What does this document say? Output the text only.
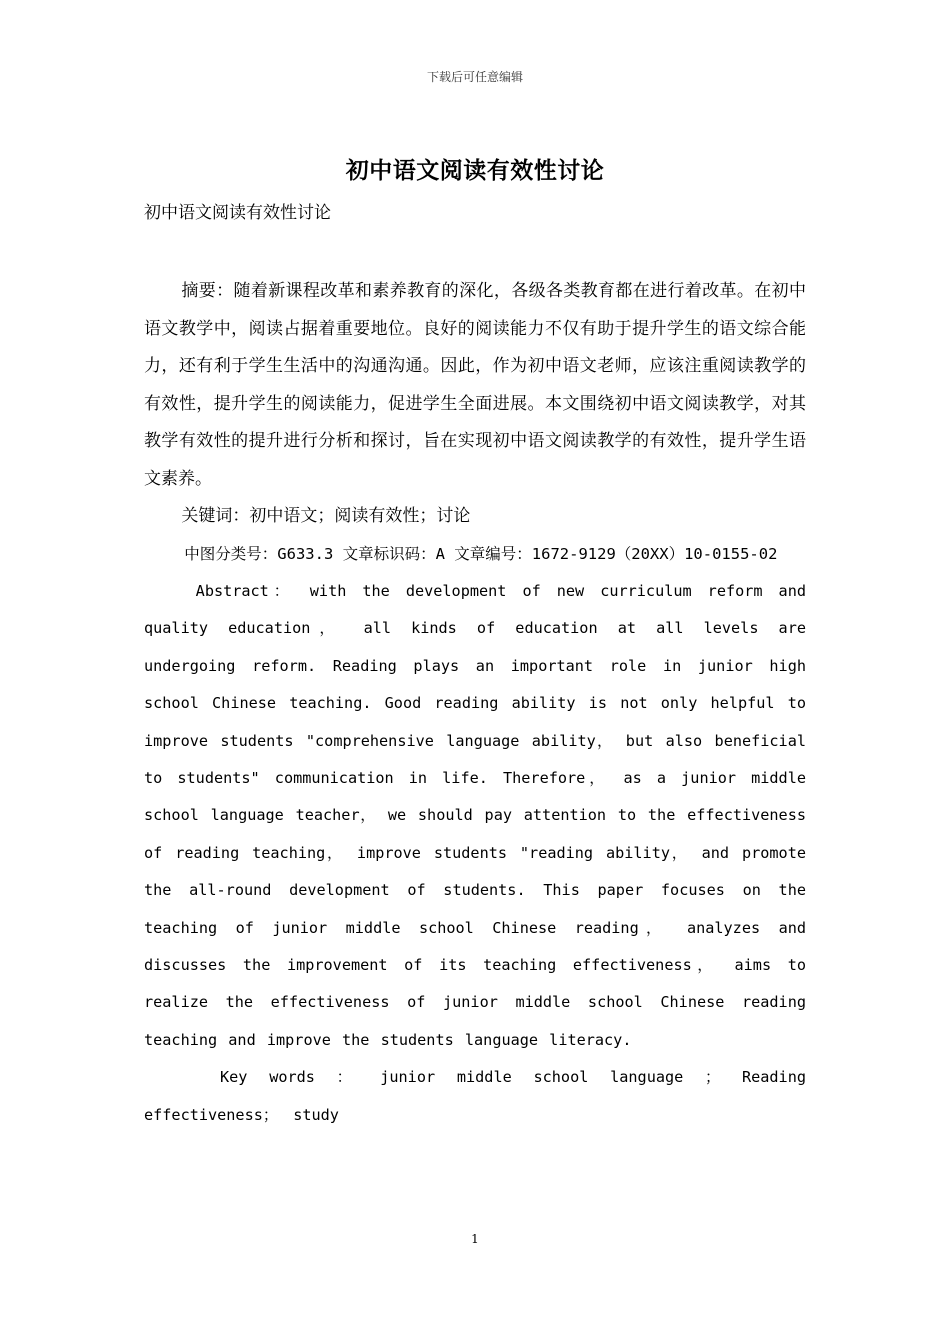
下载后可任意编辑
初中语文阅读有效性讨论

初中语文阅读有效性讨论

摘要：随着新课程改革和素养教育的深化，各级各类教育都在进行着改革。在初中语文教学中，阅读占据着重要地位。良好的阅读能力不仅有助于提升学生的语文综合能力，还有利于学生生活中的沟通沟通。因此，作为初中语文老师，应该注重阅读教学的有效性，提升学生的阅读能力，促进学生全面进展。本文围绕初中语文阅读教学，对其教学有效性的提升进行分析和探讨，旨在实现初中语文阅读教学的有效性，提升学生语文素养。

关键词：初中语文；阅读有效性；讨论

中图分类号：G633.3 文章标识码：A 文章编号：1672-9129（20XX）10-0155-02

Abstract： with the development of new curriculum reform and quality education， all kinds of education at all levels are undergoing reform. Reading plays an important role in junior high school Chinese teaching. Good reading ability is not only helpful to improve students "comprehensive language ability， but also beneficial to students" communication in life. Therefore， as a junior middle school language teacher， we should pay attention to the effectiveness of reading teaching， improve students "reading ability， and promote the all-round development of students. This paper focuses on the teaching of junior middle school Chinese reading， analyzes and discusses the improvement of its teaching effectiveness， aims to realize the effectiveness of junior middle school Chinese reading teaching and improve the students language literacy.

Key words ： junior middle school language ； Reading effectiveness； study

1
